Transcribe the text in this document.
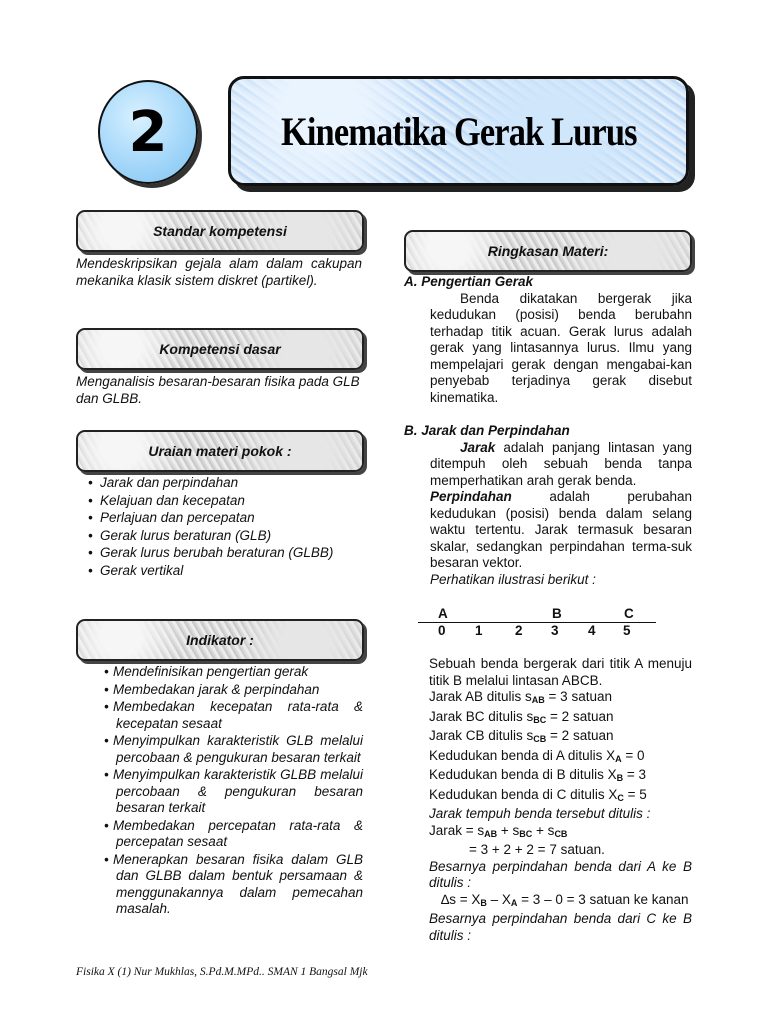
2	Kinematika Gerak Lurus
Standar kompetensi
Mendeskripsikan gejala alam dalam cakupan mekanika klasik sistem diskret (partikel).
Kompetensi dasar
Menganalisis besaran-besaran fisika pada GLB dan GLBB.
Uraian materi pokok :
• Jarak dan perpindahan
• Kelajuan dan kecepatan
• Perlajuan dan percepatan
• Gerak lurus beraturan (GLB)
• Gerak lurus berubah beraturan (GLBB)
• Gerak vertikal
Indikator :
• Mendefinisikan pengertian gerak
• Membedakan jarak & perpindahan
• Membedakan kecepatan rata-rata & kecepatan sesaat
• Menyimpulkan karakteristik GLB melalui percobaan & pengukuran besaran terkait
• Menyimpulkan karakteristik GLBB melalui percobaan & pengukuran besaran besaran terkait
• Membedakan percepatan rata-rata & percepatan sesaat
• Menerapkan besaran fisika dalam GLB dan GLBB dalam bentuk persamaan & menggunakannya dalam pemecahan masalah.
Ringkasan Materi:
A. Pengertian Gerak
Benda dikatakan bergerak jika kedudukan (posisi) benda berubahn terhadap titik acuan. Gerak lurus adalah gerak yang lintasannya lurus. Ilmu yang mempelajari gerak dengan mengabai-kan penyebab terjadinya gerak disebut kinematika.
B. Jarak dan Perpindahan
Jarak adalah panjang lintasan yang ditempuh oleh sebuah benda tanpa memperhatikan arah gerak benda.
Perpindahan	adalah perubahan kedudukan (posisi) benda dalam selang waktu tertentu. Jarak termasuk besaran skalar, sedangkan perpindahan terma-suk besaran vektor.
Perhatikan ilustrasi berikut :
A	B	C
0 1 2 3 4 5
Sebuah benda bergerak dari titik A menuju titik B melalui lintasan ABCB.
Jarak AB ditulis $s_{AB} = 3$ satuan
Jarak BC ditulis $s_{BC} = 2$ satuan
Jarak CB ditulis $s_{CB} = 2$ satuan
Kedudukan benda di A ditulis $X_A = 0$
Kedudukan benda di B ditulis $X_B = 3$
Kedudukan benda di C ditulis $X_C = 5$
Jarak tempuh benda tersebut ditulis :
Jarak = $s_{AB} + s_{BC} + s_{CB}$
= 3 + 2 + 2 = 7 satuan.
Besarnya perpindahan benda dari A ke B ditulis :
$\Delta s = X_B - X_A = 3 - 0 = 3$ satuan ke kanan
Besarnya perpindahan benda dari C ke B ditulis :
Fisika X (1) Nur Mukhlas, S.Pd.M.MPd.. SMAN 1 Bangsal Mjk
